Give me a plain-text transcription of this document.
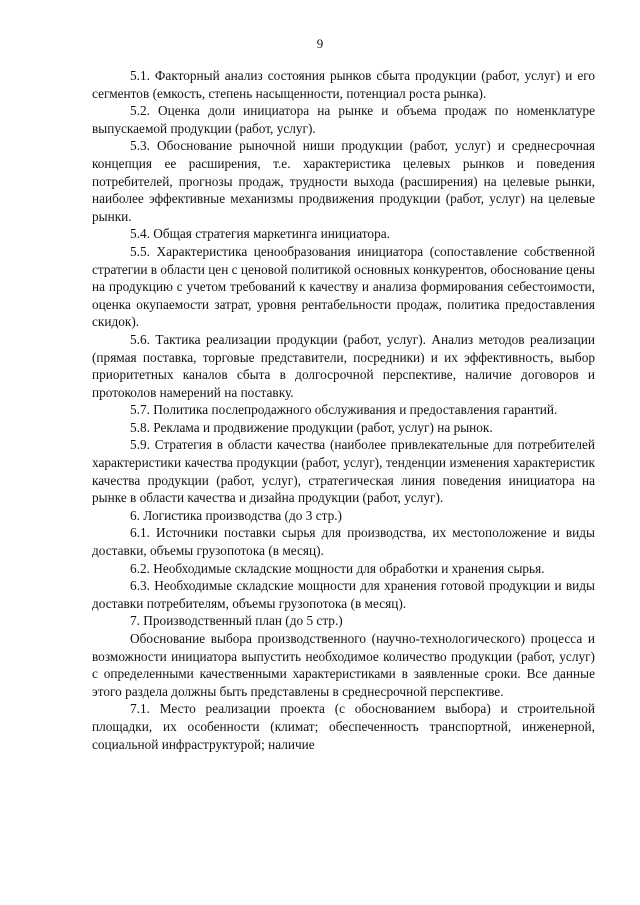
9

5.1. Факторный анализ состояния рынков сбыта продукции (работ, услуг) и его сегментов (емкость, степень насыщенности, потенциал роста рынка).

5.2. Оценка доли инициатора на рынке и объема продаж по номенклатуре выпускаемой продукции (работ, услуг).

5.3. Обоснование рыночной ниши продукции (работ, услуг) и среднесрочная концепция ее расширения, т.е. характеристика целевых рынков и поведения потребителей, прогнозы продаж, трудности выхода (расширения) на целевые рынки, наиболее эффективные механизмы продвижения продукции (работ, услуг) на целевые рынки.

5.4. Общая стратегия маркетинга инициатора.

5.5. Характеристика ценообразования инициатора (сопоставление собственной стратегии в области цен с ценовой политикой основных конкурентов, обоснование цены на продукцию с учетом требований к качеству и анализа формирования себестоимости, оценка окупаемости затрат, уровня рентабельности продаж, политика предоставления скидок).

5.6. Тактика реализации продукции (работ, услуг). Анализ методов реализации (прямая поставка, торговые представители, посредники) и их эффективность, выбор приоритетных каналов сбыта в долгосрочной перспективе, наличие договоров и протоколов намерений на поставку.

5.7. Политика послепродажного обслуживания и предоставления гарантий.

5.8. Реклама и продвижение продукции (работ, услуг) на рынок.

5.9. Стратегия в области качества (наиболее привлекательные для потребителей характеристики качества продукции (работ, услуг), тенденции изменения характеристик качества продукции (работ, услуг), стратегическая линия поведения инициатора на рынке в области качества и дизайна продукции (работ, услуг).

6. Логистика производства (до 3 стр.)

6.1. Источники поставки сырья для производства, их местоположение и виды доставки, объемы грузопотока (в месяц).

6.2. Необходимые складские мощности для обработки и хранения сырья.

6.3. Необходимые складские мощности для хранения готовой продукции и виды доставки потребителям, объемы грузопотока (в месяц).

7. Производственный план (до 5 стр.)

Обоснование выбора производственного (научно-технологического) процесса и возможности инициатора выпустить необходимое количество продукции (работ, услуг) с определенными качественными характеристиками в заявленные сроки. Все данные этого раздела должны быть представлены в среднесрочной перспективе.

7.1. Место реализации проекта (с обоснованием выбора) и строительной площадки, их особенности (климат; обеспеченность транспортной, инженерной, социальной инфраструктурой; наличие
